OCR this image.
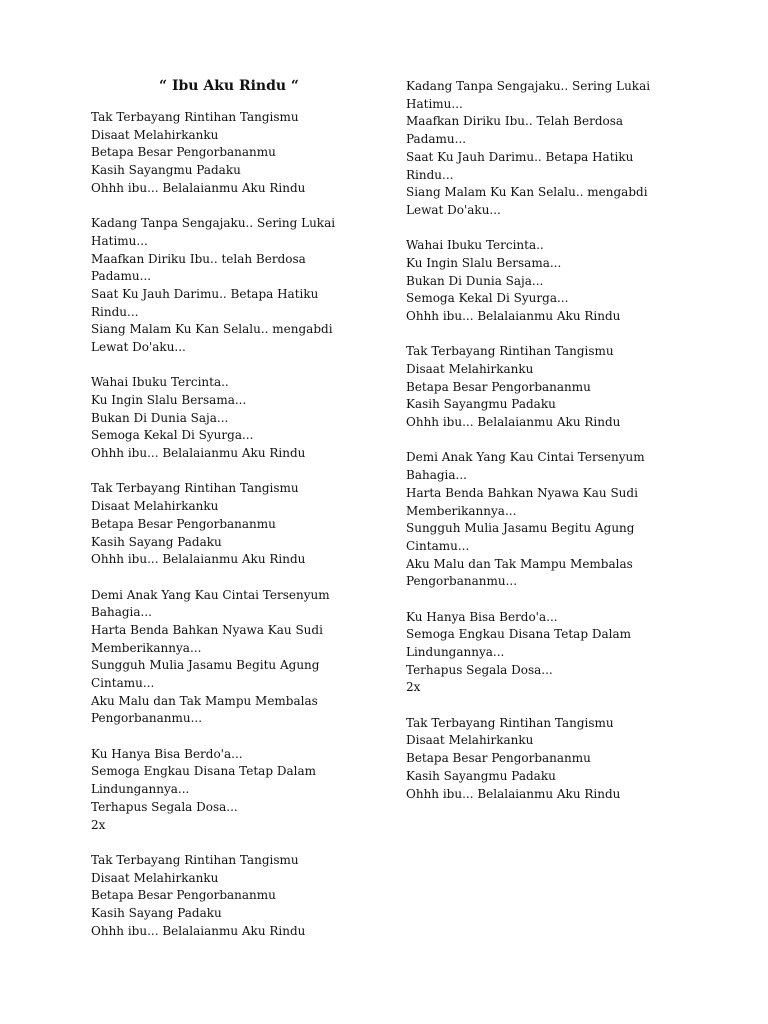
“ Ibu Aku Rindu “
Tak Terbayang Rintihan Tangismu
Disaat Melahirkanku
Betapa Besar Pengorbananmu
Kasih Sayangmu Padaku
Ohhh ibu... Belalaianmu Aku Rindu
Kadang Tanpa Sengajaku.. Sering Lukai
Hatimu...
Maafkan Diriku Ibu.. telah Berdosa
Padamu...
Saat Ku Jauh Darimu.. Betapa Hatiku
Rindu...
Siang Malam Ku Kan Selalu.. mengabdi
Lewat Do'aku...
Wahai Ibuku Tercinta..
Ku Ingin Slalu Bersama...
Bukan Di Dunia Saja...
Semoga Kekal Di Syurga...
Ohhh ibu... Belalaianmu Aku Rindu
Tak Terbayang Rintihan Tangismu
Disaat Melahirkanku
Betapa Besar Pengorbananmu
Kasih Sayang Padaku
Ohhh ibu... Belalaianmu Aku Rindu
Demi Anak Yang Kau Cintai Tersenyum
Bahagia...
Harta Benda Bahkan Nyawa Kau Sudi
Memberikannya...
Sungguh Mulia Jasamu Begitu Agung
Cintamu...
Aku Malu dan Tak Mampu Membalas
Pengorbananmu...
Ku Hanya Bisa Berdo'a...
Semoga Engkau Disana Tetap Dalam
Lindungannya...
Terhapus Segala Dosa...
2x
Tak Terbayang Rintihan Tangismu
Disaat Melahirkanku
Betapa Besar Pengorbananmu
Kasih Sayang Padaku
Ohhh ibu... Belalaianmu Aku Rindu
Kadang Tanpa Sengajaku.. Sering Lukai
Hatimu...
Maafkan Diriku Ibu.. Telah Berdosa
Padamu...
Saat Ku Jauh Darimu.. Betapa Hatiku
Rindu...
Siang Malam Ku Kan Selalu.. mengabdi
Lewat Do'aku...
Wahai Ibuku Tercinta..
Ku Ingin Slalu Bersama...
Bukan Di Dunia Saja...
Semoga Kekal Di Syurga...
Ohhh ibu... Belalaianmu Aku Rindu
Tak Terbayang Rintihan Tangismu
Disaat Melahirkanku
Betapa Besar Pengorbananmu
Kasih Sayangmu Padaku
Ohhh ibu... Belalaianmu Aku Rindu
Demi Anak Yang Kau Cintai Tersenyum
Bahagia...
Harta Benda Bahkan Nyawa Kau Sudi
Memberikannya...
Sungguh Mulia Jasamu Begitu Agung
Cintamu...
Aku Malu dan Tak Mampu Membalas
Pengorbananmu...
Ku Hanya Bisa Berdo'a...
Semoga Engkau Disana Tetap Dalam
Lindungannya...
Terhapus Segala Dosa...
2x
Tak Terbayang Rintihan Tangismu
Disaat Melahirkanku
Betapa Besar Pengorbananmu
Kasih Sayangmu Padaku
Ohhh ibu... Belalaianmu Aku Rindu
